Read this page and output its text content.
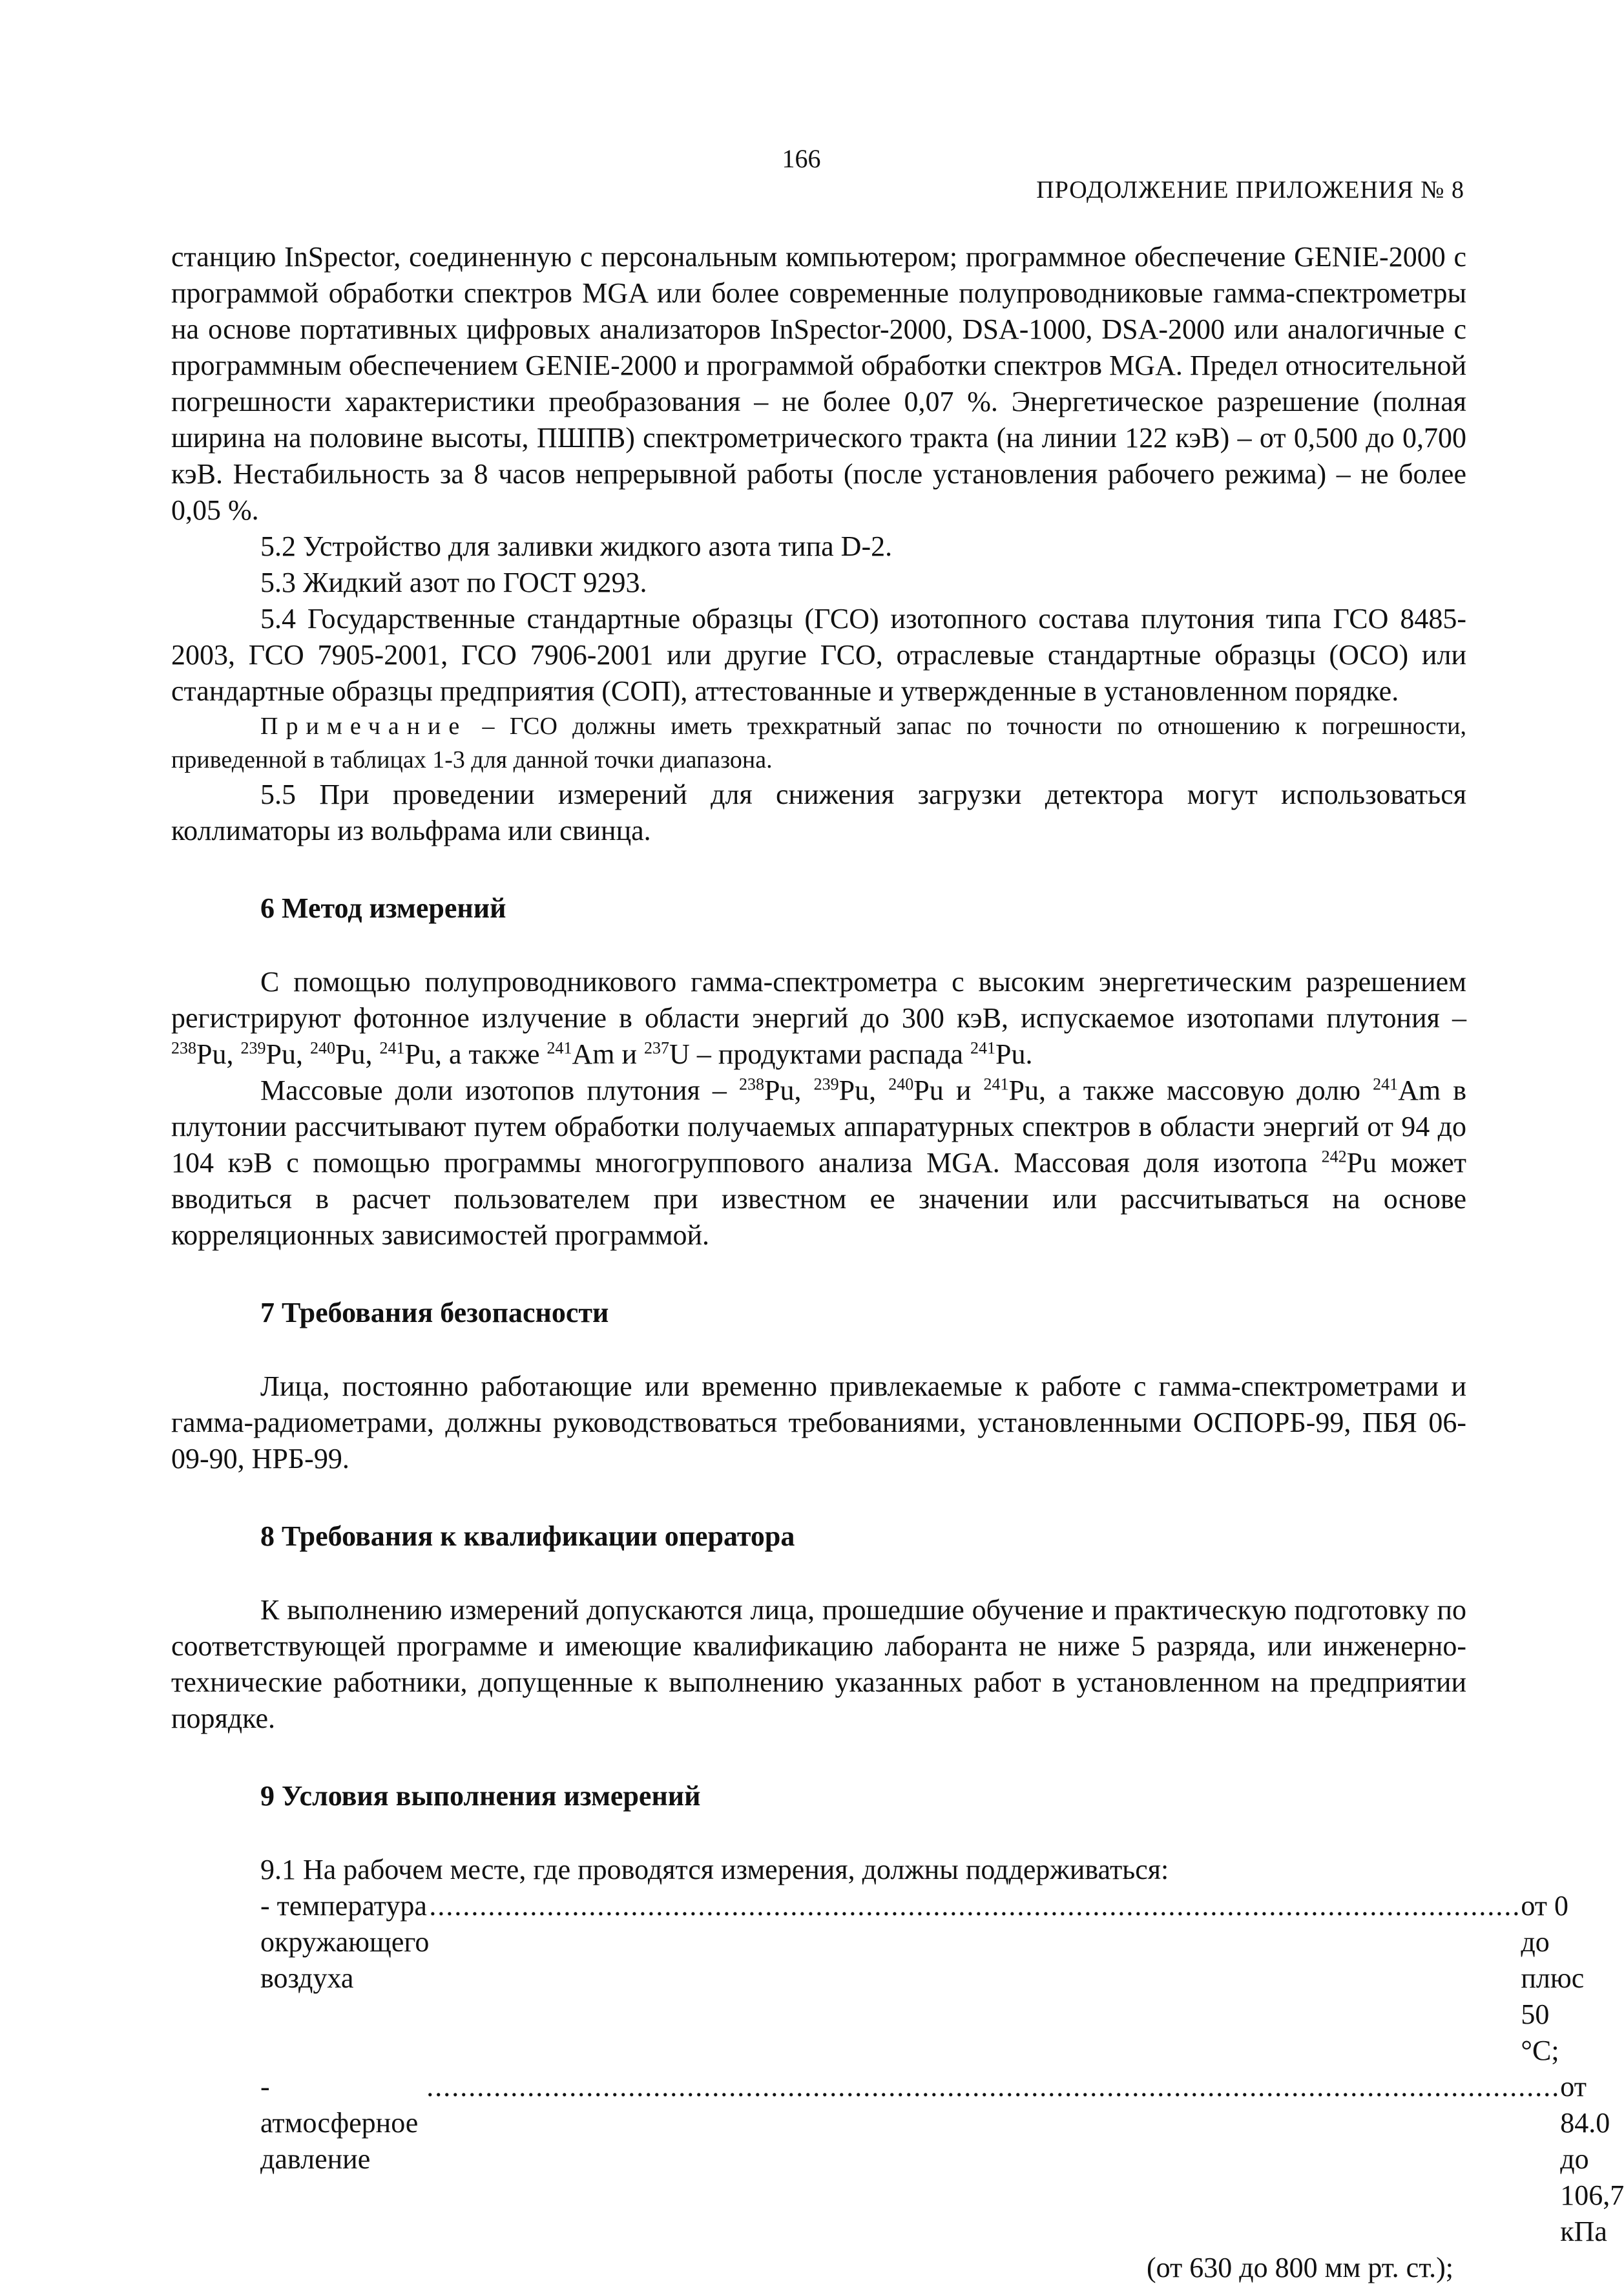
166
ПРОДОЛЖЕНИЕ ПРИЛОЖЕНИЯ № 8

станцию InSpector, соединенную с персональным компьютером; программное обеспечение GENIE-2000 с программой обработки спектров MGA или более современные полупроводниковые гамма-спектрометры на основе портативных цифровых анализаторов InSpector-2000, DSA-1000, DSA-2000 или аналогичные с программным обеспечением GENIE-2000 и программой обработки спектров MGA. Предел относительной погрешности характеристики преобразования – не более 0,07 %. Энергетическое разрешение (полная ширина на половине высоты, ПШПВ) спектрометрического тракта (на линии 122 кэВ) – от 0,500 до 0,700 кэВ. Нестабильность за 8 часов непрерывной работы (после установления рабочего режима) – не более 0,05 %.

5.2 Устройство для заливки жидкого азота типа D-2.

5.3 Жидкий азот по ГОСТ 9293.

5.4 Государственные стандартные образцы (ГСО) изотопного состава плутония типа ГСО 8485-2003, ГСО 7905-2001, ГСО 7906-2001 или другие ГСО, отраслевые стандартные образцы (ОСО) или стандартные образцы предприятия (СОП), аттестованные и утвержденные в установленном порядке.

Примечание – ГСО должны иметь трехкратный запас по точности по отношению к погрешности, приведенной в таблицах 1-3 для данной точки диапазона.

5.5 При проведении измерений для снижения загрузки детектора могут использоваться коллиматоры из вольфрама или свинца.

6 Метод измерений

С помощью полупроводникового гамма-спектрометра с высоким энергетическим разрешением регистрируют фотонное излучение в области энергий до 300 кэВ, испускаемое изотопами плутония – $^{238}$Pu, $^{239}$Pu, $^{240}$Pu, $^{241}$Pu, а также $^{241}$Am и $^{237}$U – продуктами распада $^{241}$Pu.

Массовые доли изотопов плутония – $^{238}$Pu, $^{239}$Pu, $^{240}$Pu и $^{241}$Pu, а также массовую долю $^{241}$Am в плутонии рассчитывают путем обработки получаемых аппаратурных спектров в области энергий от 94 до 104 кэВ с помощью программы многогруппового анализа MGA. Массовая доля изотопа $^{242}$Pu может вводиться в расчет пользователем при известном ее значении или рассчитываться на основе корреляционных зависимостей программой.

7 Требования безопасности

Лица, постоянно работающие или временно привлекаемые к работе с гамма-спектрометрами и гамма-радиометрами, должны руководствоваться требованиями, установленными ОСПОРБ-99, ПБЯ 06-09-90, НРБ-99.

8 Требования к квалификации оператора

К выполнению измерений допускаются лица, прошедшие обучение и практическую подготовку по соответствующей программе и имеющие квалификацию лаборанта не ниже 5 разряда, или инженерно-технические работники, допущенные к выполнению указанных работ в установленном на предприятии порядке.

9 Условия выполнения измерений

9.1 На рабочем месте, где проводятся измерения, должны поддерживаться:

- температура окружающего воздуха
.................................................................................................................................. от 0 до плюс 50 °С;
- атмосферное давление
....................................................................................................................................... от 84.0 до 106,7 кПа

(от 630 до 800 мм рт. ст.);
